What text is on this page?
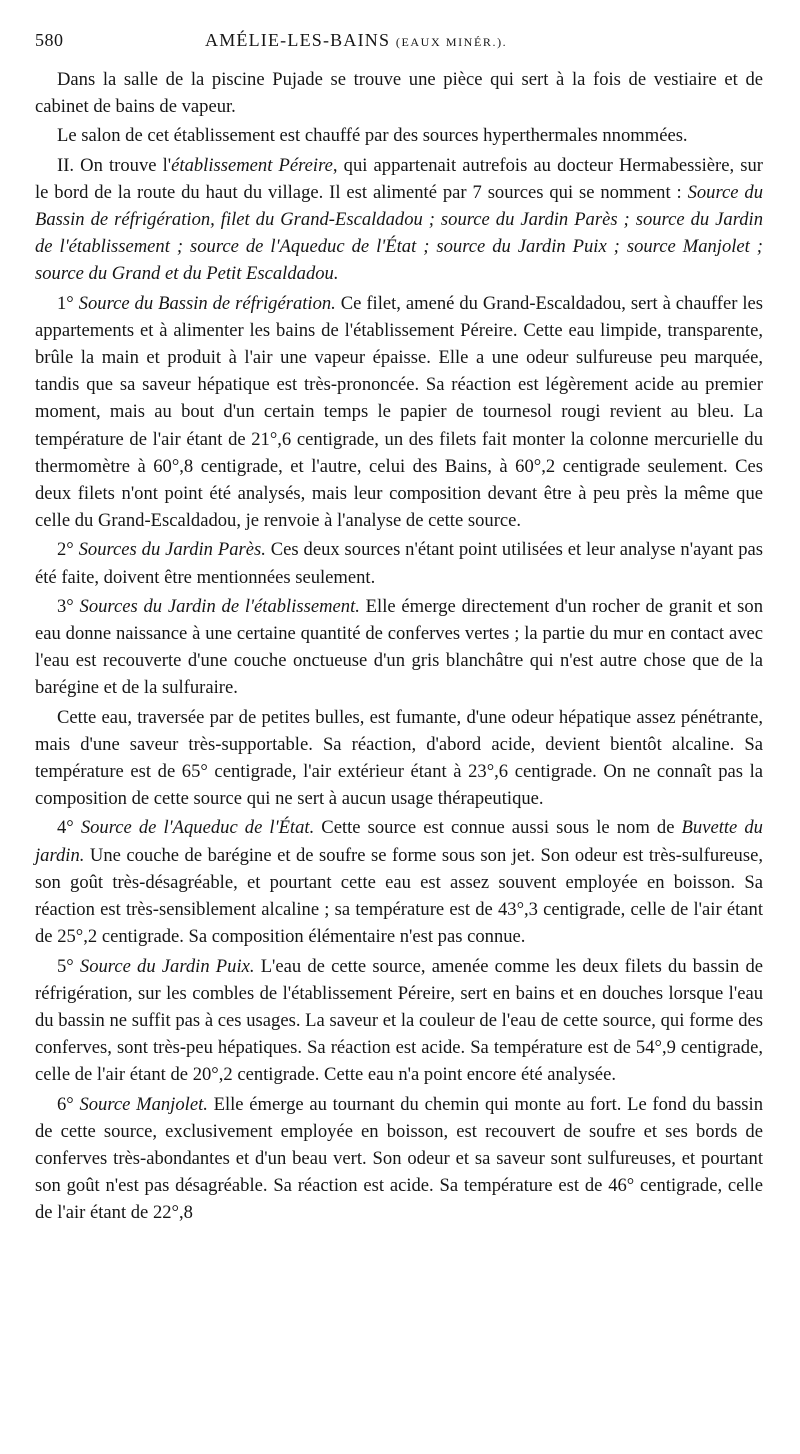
580	AMÉLIE-LES-BAINS (EAUX MINÉR.).

Dans la salle de la piscine Pujade se trouve une pièce qui sert à la fois de vestiaire et de cabinet de bains de vapeur.

Le salon de cet établissement est chauffé par des sources hyperthermales nnommées.

II. On trouve l'établissement Péreire, qui appartenait autrefois au docteur Hermabessière, sur le bord de la route du haut du village. Il est alimenté par 7 sources qui se nomment : Source du Bassin de réfrigération, filet du Grand-Escaldadou ; source du Jardin Parès ; source du Jardin de l'établissement ; source de l'Aqueduc de l'État ; source du Jardin Puix ; source Manjolet ; source du Grand et du Petit Escaldadou.

1° Source du Bassin de réfrigération. Ce filet, amené du Grand-Escaldadou, sert à chauffer les appartements et à alimenter les bains de l'établissement Péreire. Cette eau limpide, transparente, brûle la main et produit à l'air une vapeur épaisse. Elle a une odeur sulfureuse peu marquée, tandis que sa saveur hépatique est très-prononcée. Sa réaction est légèrement acide au premier moment, mais au bout d'un certain temps le papier de tournesol rougi revient au bleu. La température de l'air étant de 21°,6 centigrade, un des filets fait monter la colonne mercurielle du thermomètre à 60°,8 centigrade, et l'autre, celui des Bains, à 60°,2 centigrade seulement. Ces deux filets n'ont point été analysés, mais leur composition devant être à peu près la même que celle du Grand-Escaldadou, je renvoie à l'analyse de cette source.

2° Sources du Jardin Parès. Ces deux sources n'étant point utilisées et leur analyse n'ayant pas été faite, doivent être mentionnées seulement.

3° Sources du Jardin de l'établissement. Elle émerge directement d'un rocher de granit et son eau donne naissance à une certaine quantité de conferves vertes ; la partie du mur en contact avec l'eau est recouverte d'une couche onctueuse d'un gris blanchâtre qui n'est autre chose que de la barégine et de la sulfuraire.

Cette eau, traversée par de petites bulles, est fumante, d'une odeur hépatique assez pénétrante, mais d'une saveur très-supportable. Sa réaction, d'abord acide, devient bientôt alcaline. Sa température est de 65° centigrade, l'air extérieur étant à 23°,6 centigrade. On ne connaît pas la composition de cette source qui ne sert à aucun usage thérapeutique.

4° Source de l'Aqueduc de l'État. Cette source est connue aussi sous le nom de Buvette du jardin. Une couche de barégine et de soufre se forme sous son jet. Son odeur est très-sulfureuse, son goût très-désagréable, et pourtant cette eau est assez souvent employée en boisson. Sa réaction est très-sensiblement alcaline ; sa température est de 43°,3 centigrade, celle de l'air étant de 25°,2 centigrade. Sa composition élémentaire n'est pas connue.

5° Source du Jardin Puix. L'eau de cette source, amenée comme les deux filets du bassin de réfrigération, sur les combles de l'établissement Péreire, sert en bains et en douches lorsque l'eau du bassin ne suffit pas à ces usages. La saveur et la couleur de l'eau de cette source, qui forme des conferves, sont très-peu hépatiques. Sa réaction est acide. Sa température est de 54°,9 centigrade, celle de l'air étant de 20°,2 centigrade. Cette eau n'a point encore été analysée.

6° Source Manjolet. Elle émerge au tournant du chemin qui monte au fort. Le fond du bassin de cette source, exclusivement employée en boisson, est recouvert de soufre et ses bords de conferves très-abondantes et d'un beau vert. Son odeur et sa saveur sont sulfureuses, et pourtant son goût n'est pas désagréable. Sa réaction est acide. Sa température est de 46° centigrade, celle de l'air étant de 22°,8
